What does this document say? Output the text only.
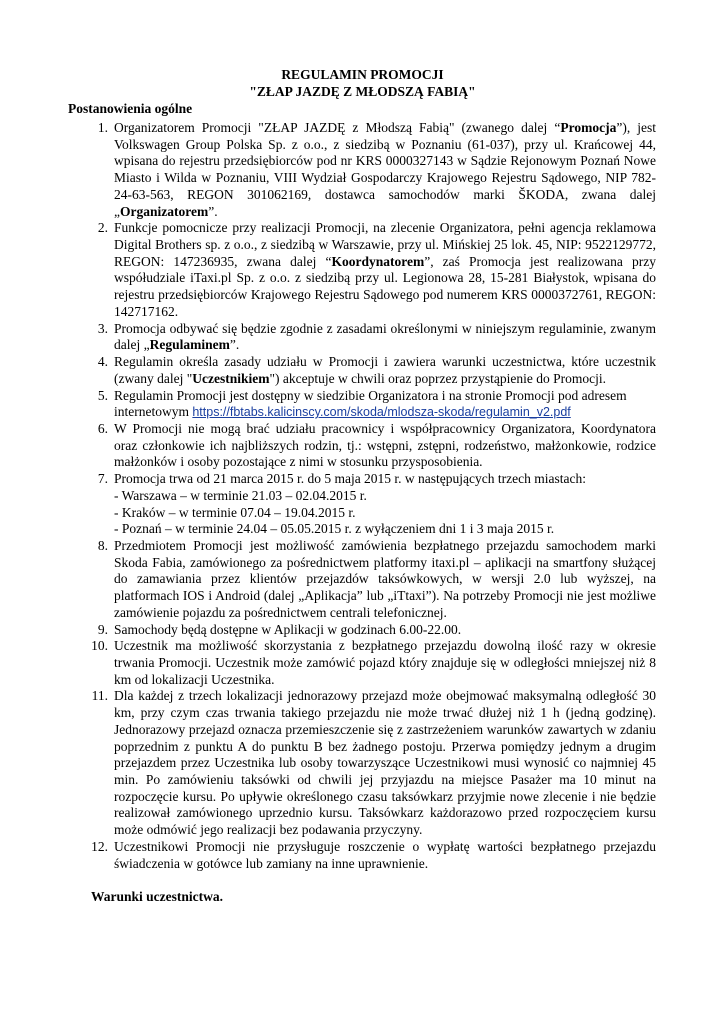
REGULAMIN PROMOCJI
"ZŁAP JAZDĘ Z MŁODSZĄ FABIĄ"
Postanowienia ogólne
1. Organizatorem Promocji "ZŁAP JAZDĘ z Młodszą Fabią" (zwanego dalej “Promocja”), jest Volkswagen Group Polska Sp. z o.o., z siedzibą w Poznaniu (61-037), przy ul. Krańcowej 44, wpisana do rejestru przedsiębiorców pod nr KRS 0000327143 w Sądzie Rejonowym Poznań Nowe Miasto i Wilda w Poznaniu, VIII Wydział Gospodarczy Krajowego Rejestru Sądowego, NIP 782-24-63-563, REGON 301062169, dostawca samochodów marki ŠKODA, zwana dalej „Organizatorem”.
2. Funkcje pomocnicze przy realizacji Promocji, na zlecenie Organizatora, pełni agencja reklamowa Digital Brothers sp. z o.o., z siedzibą w Warszawie, przy ul. Mińskiej 25 lok. 45, NIP: 9522129772, REGON: 147236935, zwana dalej “Koordynatorem”, zaś Promocja jest realizowana przy współudziale iTaxi.pl Sp. z o.o. z siedzibą przy ul. Legionowa 28, 15-281 Białystok, wpisana do rejestru przedsiębiorców Krajowego Rejestru Sądowego pod numerem KRS 0000372761, REGON: 142717162.
3. Promocja odbywać się będzie zgodnie z zasadami określonymi w niniejszym regulaminie, zwanym dalej „Regulaminem”.
4. Regulamin określa zasady udziału w Promocji i zawiera warunki uczestnictwa, które uczestnik (zwany dalej "Uczestnikiem") akceptuje w chwili oraz poprzez przystąpienie do Promocji.
5. Regulamin Promocji jest dostępny w siedzibie Organizatora i na stronie Promocji pod adresem internetowym https://fbtabs.kalicinscy.com/skoda/mlodsza-skoda/regulamin_v2.pdf
6. W Promocji nie mogą brać udziału pracownicy i współpracownicy Organizatora, Koordynatora oraz członkowie ich najbliższych rodzin, tj.: wstępni, zstępni, rodzeństwo, małżonkowie, rodzice małżonków i osoby pozostające z nimi w stosunku przysposobienia.
7. Promocja trwa od 21 marca 2015 r. do 5 maja 2015 r. w następujących trzech miastach:
- Warszawa – w terminie 21.03 – 02.04.2015 r.
- Kraków – w terminie 07.04 – 19.04.2015 r.
- Poznań – w terminie 24.04 – 05.05.2015 r. z wyłączeniem dni 1 i 3 maja 2015 r.
8. Przedmiotem Promocji jest możliwość zamówienia bezpłatnego przejazdu samochodem marki Skoda Fabia, zamówionego za pośrednictwem platformy itaxi.pl – aplikacji na smartfony służącej do zamawiania przez klientów przejazdów taksówkowych, w wersji 2.0 lub wyższej, na platformach IOS i Android (dalej „Aplikacja” lub „iTtaxi”). Na potrzeby Promocji nie jest możliwe zamówienie pojazdu za pośrednictwem centrali telefonicznej.
9. Samochody będą dostępne w Aplikacji w godzinach 6.00-22.00.
10. Uczestnik ma możliwość skorzystania z bezpłatnego przejazdu dowolną ilość razy w okresie trwania Promocji. Uczestnik może zamówić pojazd który znajduje się w odległości mniejszej niż 8 km od lokalizacji Uczestnika.
11. Dla każdej z trzech lokalizacji jednorazowy przejazd może obejmować maksymalną odległość 30 km, przy czym czas trwania takiego przejazdu nie może trwać dłużej niż 1 h (jedną godzinę). Jednorazowy przejazd oznacza przemieszczenie się z zastrzeżeniem warunków zawartych w zdaniu poprzednim z punktu A do punktu B bez żadnego postoju. Przerwa pomiędzy jednym a drugim przejazdem przez Uczestnika lub osoby towarzyszące Uczestnikowi musi wynosić co najmniej 45 min. Po zamówieniu taksówki od chwili jej przyjazdu na miejsce Pasażer ma 10 minut na rozpoczęcie kursu. Po upływie określonego czasu taksówkarz przyjmie nowe zlecenie i nie będzie realizował zamówionego uprzednio kursu. Taksówkarz każdorazowo przed rozpoczęciem kursu może odmówić jego realizacji bez podawania przyczyny.
12. Uczestnikowi Promocji nie przysługuje roszczenie o wypłatę wartości bezpłatnego przejazdu świadczenia w gotówce lub zamiany na inne uprawnienie.
Warunki uczestnictwa.
